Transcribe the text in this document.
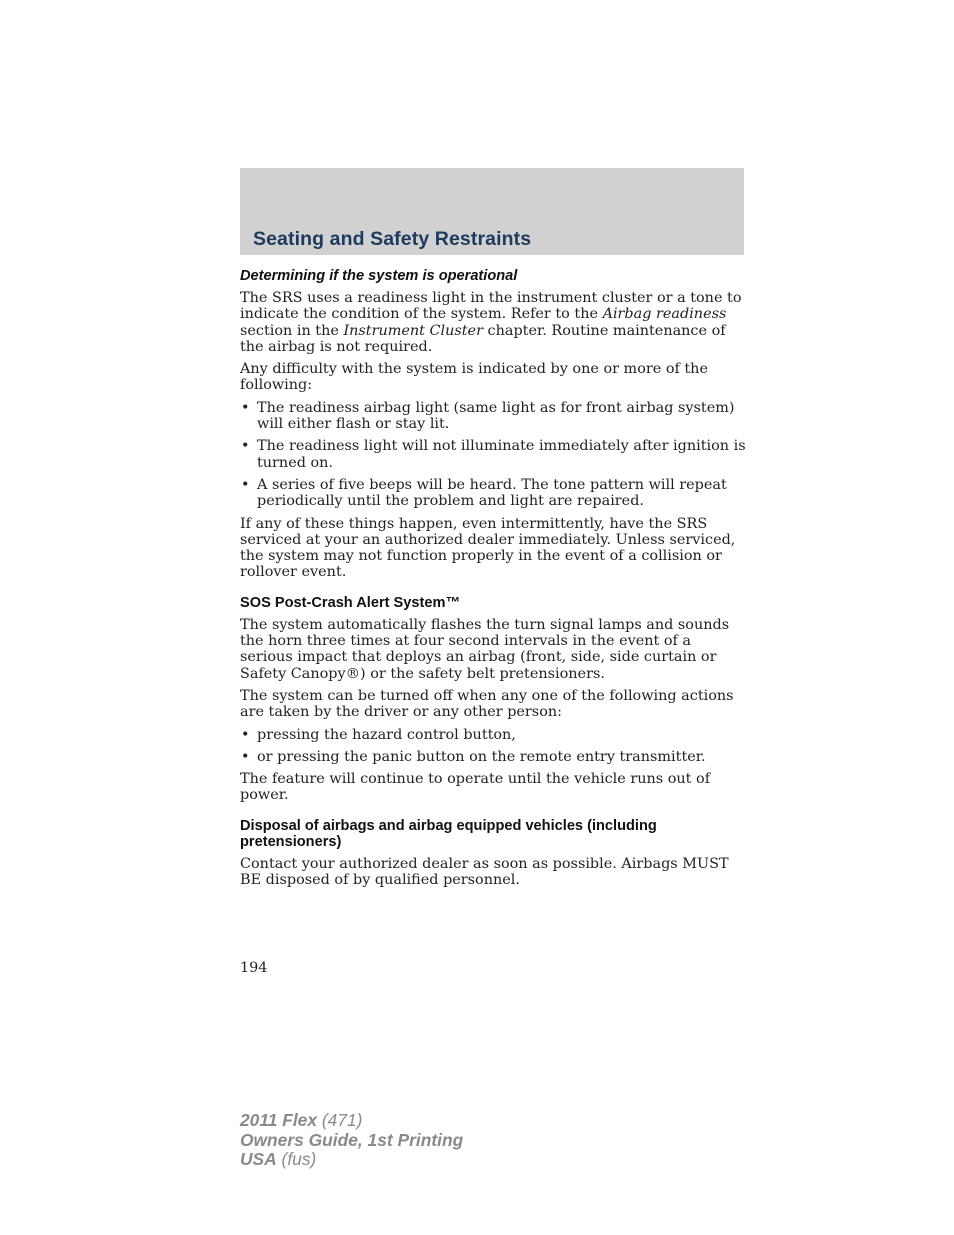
Seating and Safety Restraints
Determining if the system is operational

The SRS uses a readiness light in the instrument cluster or a tone to indicate the condition of the system. Refer to the Airbag readiness section in the Instrument Cluster chapter. Routine maintenance of the airbag is not required.

Any difficulty with the system is indicated by one or more of the following:

• The readiness airbag light (same light as for front airbag system) will either flash or stay lit.
• The readiness light will not illuminate immediately after ignition is turned on.
• A series of five beeps will be heard. The tone pattern will repeat periodically until the problem and light are repaired.

If any of these things happen, even intermittently, have the SRS serviced at your an authorized dealer immediately. Unless serviced, the system may not function properly in the event of a collision or rollover event.

SOS Post-Crash Alert System™

The system automatically flashes the turn signal lamps and sounds the horn three times at four second intervals in the event of a serious impact that deploys an airbag (front, side, side curtain or Safety Canopy®) or the safety belt pretensioners.

The system can be turned off when any one of the following actions are taken by the driver or any other person:

• pressing the hazard control button,
• or pressing the panic button on the remote entry transmitter.

The feature will continue to operate until the vehicle runs out of power.

Disposal of airbags and airbag equipped vehicles (including pretensioners)

Contact your authorized dealer as soon as possible. Airbags MUST BE disposed of by qualified personnel.

194
2011 Flex (471)
Owners Guide, 1st Printing
USA (fus)
